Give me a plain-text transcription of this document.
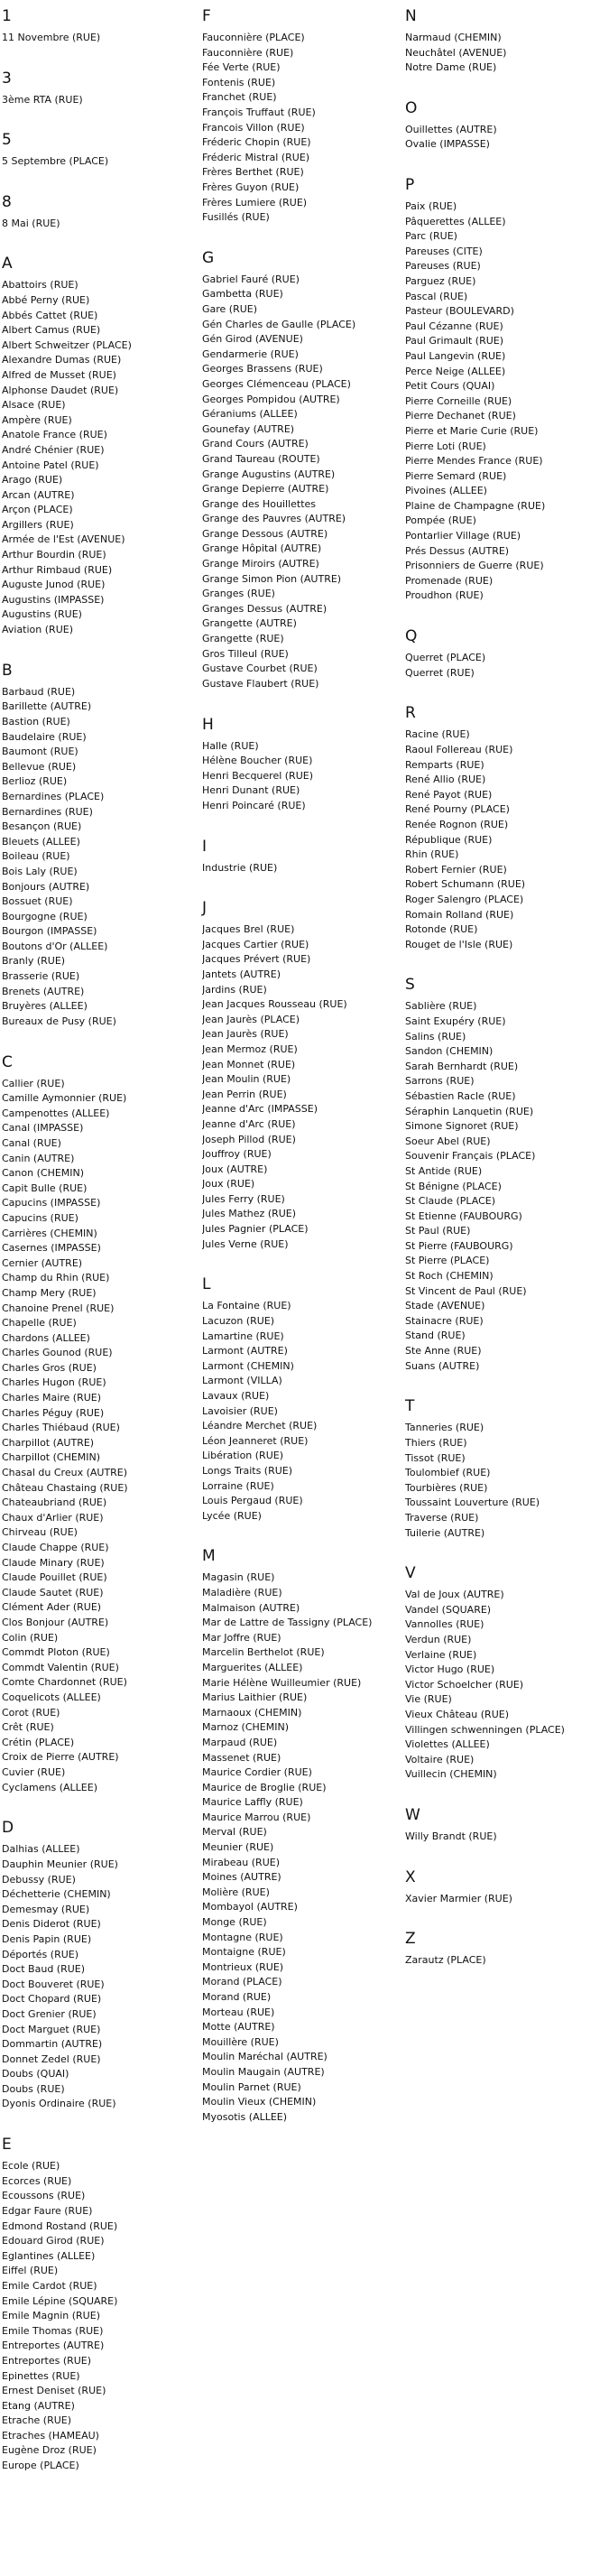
1
11 Novembre (RUE)
3
3ème RTA (RUE)
5
5 Septembre (PLACE)
8
8 Mai (RUE)
A
Abattoirs (RUE)
Abbé Perny (RUE)
Abbés Cattet (RUE)
Albert Camus (RUE)
Albert Schweitzer (PLACE)
Alexandre Dumas (RUE)
Alfred de Musset (RUE)
Alphonse Daudet (RUE)
Alsace (RUE)
Ampère (RUE)
Anatole France (RUE)
André Chénier (RUE)
Antoine Patel (RUE)
Arago (RUE)
Arcan (AUTRE)
Arçon (PLACE)
Argillers (RUE)
Armée de l'Est (AVENUE)
Arthur Bourdin (RUE)
Arthur Rimbaud (RUE)
Auguste Junod (RUE)
Augustins (IMPASSE)
Augustins (RUE)
Aviation (RUE)
B
Barbaud (RUE)
Barillette (AUTRE)
Bastion (RUE)
Baudelaire (RUE)
Baumont (RUE)
Bellevue (RUE)
Berlioz (RUE)
Bernardines (PLACE)
Bernardines (RUE)
Besançon (RUE)
Bleuets (ALLEE)
Boileau (RUE)
Bois Laly (RUE)
Bonjours (AUTRE)
Bossuet (RUE)
Bourgogne (RUE)
Bourgon (IMPASSE)
Boutons d'Or (ALLEE)
Branly (RUE)
Brasserie (RUE)
Brenets (AUTRE)
Bruyères (ALLEE)
Bureaux de Pusy (RUE)
C
Callier (RUE)
Camille Aymonnier (RUE)
Campenottes (ALLEE)
Canal (IMPASSE)
Canal (RUE)
Canin (AUTRE)
Canon (CHEMIN)
Capit Bulle (RUE)
Capucins (IMPASSE)
Capucins (RUE)
Carrières (CHEMIN)
Casernes (IMPASSE)
Cernier (AUTRE)
Champ du Rhin (RUE)
Champ Mery (RUE)
Chanoine Prenel (RUE)
Chapelle (RUE)
Chardons (ALLEE)
Charles Gounod (RUE)
Charles Gros (RUE)
Charles Hugon (RUE)
Charles Maire (RUE)
Charles Péguy (RUE)
Charles Thiébaud (RUE)
Charpillot (AUTRE)
Charpillot (CHEMIN)
Chasal du Creux (AUTRE)
Château Chastaing (RUE)
Chateaubriand (RUE)
Chaux d'Arlier (RUE)
Chirveau (RUE)
Claude Chappe (RUE)
Claude Minary (RUE)
Claude Pouillet (RUE)
Claude Sautet (RUE)
Clément Ader (RUE)
Clos Bonjour (AUTRE)
Colin (RUE)
Commdt Ploton (RUE)
Commdt Valentin (RUE)
Comte Chardonnet (RUE)
Coquelicots (ALLEE)
Corot (RUE)
Crêt (RUE)
Crétin (PLACE)
Croix de Pierre (AUTRE)
Cuvier (RUE)
Cyclamens (ALLEE)
D
Dalhias (ALLEE)
Dauphin Meunier (RUE)
Debussy (RUE)
Déchetterie (CHEMIN)
Demesmay (RUE)
Denis Diderot (RUE)
Denis Papin (RUE)
Déportés (RUE)
Doct Baud (RUE)
Doct Bouveret (RUE)
Doct Chopard (RUE)
Doct Grenier (RUE)
Doct Marguet (RUE)
Dommartin (AUTRE)
Donnet Zedel (RUE)
Doubs (QUAI)
Doubs (RUE)
Dyonis Ordinaire (RUE)
E
Ecole (RUE)
Ecorces (RUE)
Ecoussons (RUE)
Edgar Faure (RUE)
Edmond Rostand (RUE)
Edouard Girod (RUE)
Eglantines (ALLEE)
Eiffel (RUE)
Emile Cardot (RUE)
Emile Lépine (SQUARE)
Emile Magnin (RUE)
Emile Thomas (RUE)
Entreportes (AUTRE)
Entreportes (RUE)
Epinettes (RUE)
Ernest Deniset (RUE)
Etang (AUTRE)
Etrache (RUE)
Etraches (HAMEAU)
Eugène Droz (RUE)
Europe (PLACE)
F
Fauconnière (PLACE)
Fauconnière (RUE)
Fée Verte (RUE)
Fontenis (RUE)
Franchet (RUE)
François Truffaut (RUE)
Francois Villon (RUE)
Fréderic Chopin (RUE)
Fréderic Mistral (RUE)
Frères Berthet (RUE)
Frères Guyon (RUE)
Frères Lumiere (RUE)
Fusillés (RUE)
G
Gabriel Fauré (RUE)
Gambetta (RUE)
Gare (RUE)
Gén Charles de Gaulle (PLACE)
Gén Girod (AVENUE)
Gendarmerie (RUE)
Georges Brassens (RUE)
Georges Clémenceau (PLACE)
Georges Pompidou (AUTRE)
Géraniums (ALLEE)
Gounefay (AUTRE)
Grand Cours (AUTRE)
Grand Taureau (ROUTE)
Grange Augustins (AUTRE)
Grange Depierre (AUTRE)
Grange des Houillettes
Grange des Pauvres (AUTRE)
Grange Dessous (AUTRE)
Grange Hôpital (AUTRE)
Grange Miroirs (AUTRE)
Grange Simon Pion (AUTRE)
Granges (RUE)
Granges Dessus (AUTRE)
Grangette (AUTRE)
Grangette (RUE)
Gros Tilleul (RUE)
Gustave Courbet (RUE)
Gustave Flaubert (RUE)
H
Halle (RUE)
Hélène Boucher (RUE)
Henri Becquerel (RUE)
Henri Dunant (RUE)
Henri Poincaré (RUE)
I
Industrie (RUE)
J
Jacques Brel (RUE)
Jacques Cartier (RUE)
Jacques Prévert (RUE)
Jantets (AUTRE)
Jardins (RUE)
Jean Jacques Rousseau (RUE)
Jean Jaurès (PLACE)
Jean Jaurès (RUE)
Jean Mermoz (RUE)
Jean Monnet (RUE)
Jean Moulin (RUE)
Jean Perrin (RUE)
Jeanne d'Arc (IMPASSE)
Jeanne d'Arc (RUE)
Joseph Pillod (RUE)
Jouffroy (RUE)
Joux (AUTRE)
Joux (RUE)
Jules Ferry (RUE)
Jules Mathez (RUE)
Jules Pagnier (PLACE)
Jules Verne (RUE)
L
La Fontaine (RUE)
Lacuzon (RUE)
Lamartine (RUE)
Larmont (AUTRE)
Larmont (CHEMIN)
Larmont (VILLA)
Lavaux (RUE)
Lavoisier (RUE)
Léandre Merchet (RUE)
Léon Jeanneret (RUE)
Libération (RUE)
Longs Traits (RUE)
Lorraine (RUE)
Louis Pergaud (RUE)
Lycée (RUE)
M
Magasin (RUE)
Maladière (RUE)
Malmaison (AUTRE)
Mar de Lattre de Tassigny (PLACE)
Mar Joffre (RUE)
Marcelin Berthelot (RUE)
Marguerites (ALLEE)
Marie Hélène Wuilleumier (RUE)
Marius Laithier (RUE)
Marnaoux (CHEMIN)
Marnoz (CHEMIN)
Marpaud (RUE)
Massenet (RUE)
Maurice Cordier (RUE)
Maurice de Broglie (RUE)
Maurice Laffly (RUE)
Maurice Marrou (RUE)
Merval (RUE)
Meunier (RUE)
Mirabeau (RUE)
Moines (AUTRE)
Molière (RUE)
Mombayol (AUTRE)
Monge (RUE)
Montagne (RUE)
Montaigne (RUE)
Montrieux (RUE)
Morand (PLACE)
Morand (RUE)
Morteau (RUE)
Motte (AUTRE)
Mouillère (RUE)
Moulin Maréchal (AUTRE)
Moulin Maugain (AUTRE)
Moulin Parnet (RUE)
Moulin Vieux (CHEMIN)
Myosotis (ALLEE)
N
Narmaud (CHEMIN)
Neuchâtel (AVENUE)
Notre Dame (RUE)
O
Ouillettes (AUTRE)
Ovalie (IMPASSE)
P
Paix (RUE)
Pâquerettes (ALLEE)
Parc (RUE)
Pareuses (CITE)
Pareuses (RUE)
Parguez (RUE)
Pascal (RUE)
Pasteur (BOULEVARD)
Paul Cézanne (RUE)
Paul Grimault (RUE)
Paul Langevin (RUE)
Perce Neige (ALLEE)
Petit Cours (QUAI)
Pierre Corneille (RUE)
Pierre Dechanet (RUE)
Pierre et Marie Curie (RUE)
Pierre Loti (RUE)
Pierre Mendes France (RUE)
Pierre Semard (RUE)
Pivoines (ALLEE)
Plaine de Champagne (RUE)
Pompée (RUE)
Pontarlier Village (RUE)
Prés Dessus (AUTRE)
Prisonniers de Guerre (RUE)
Promenade (RUE)
Proudhon (RUE)
Q
Querret (PLACE)
Querret (RUE)
R
Racine (RUE)
Raoul Follereau (RUE)
Remparts (RUE)
René Allio (RUE)
René Payot (RUE)
René Pourny (PLACE)
Renée Rognon (RUE)
République (RUE)
Rhin (RUE)
Robert Fernier (RUE)
Robert Schumann (RUE)
Roger Salengro (PLACE)
Romain Rolland (RUE)
Rotonde (RUE)
Rouget de l'Isle (RUE)
S
Sablière (RUE)
Saint Exupéry (RUE)
Salins (RUE)
Sandon (CHEMIN)
Sarah Bernhardt (RUE)
Sarrons (RUE)
Sébastien Racle (RUE)
Séraphin Lanquetin (RUE)
Simone Signoret (RUE)
Soeur Abel (RUE)
Souvenir Français (PLACE)
St Antide (RUE)
St Bénigne (PLACE)
St Claude (PLACE)
St Etienne (FAUBOURG)
St Paul (RUE)
St Pierre (FAUBOURG)
St Pierre (PLACE)
St Roch (CHEMIN)
St Vincent de Paul (RUE)
Stade (AVENUE)
Stainacre (RUE)
Stand (RUE)
Ste Anne (RUE)
Suans (AUTRE)
T
Tanneries (RUE)
Thiers (RUE)
Tissot (RUE)
Toulombief (RUE)
Tourbières (RUE)
Toussaint Louverture (RUE)
Traverse (RUE)
Tuilerie (AUTRE)
V
Val de Joux (AUTRE)
Vandel (SQUARE)
Vannolles (RUE)
Verdun (RUE)
Verlaine (RUE)
Victor Hugo (RUE)
Victor Schoelcher (RUE)
Vie (RUE)
Vieux Château (RUE)
Villingen schwenningen (PLACE)
Violettes (ALLEE)
Voltaire (RUE)
Vuillecin (CHEMIN)
W
Willy Brandt (RUE)
X
Xavier Marmier (RUE)
Z
Zarautz (PLACE)
